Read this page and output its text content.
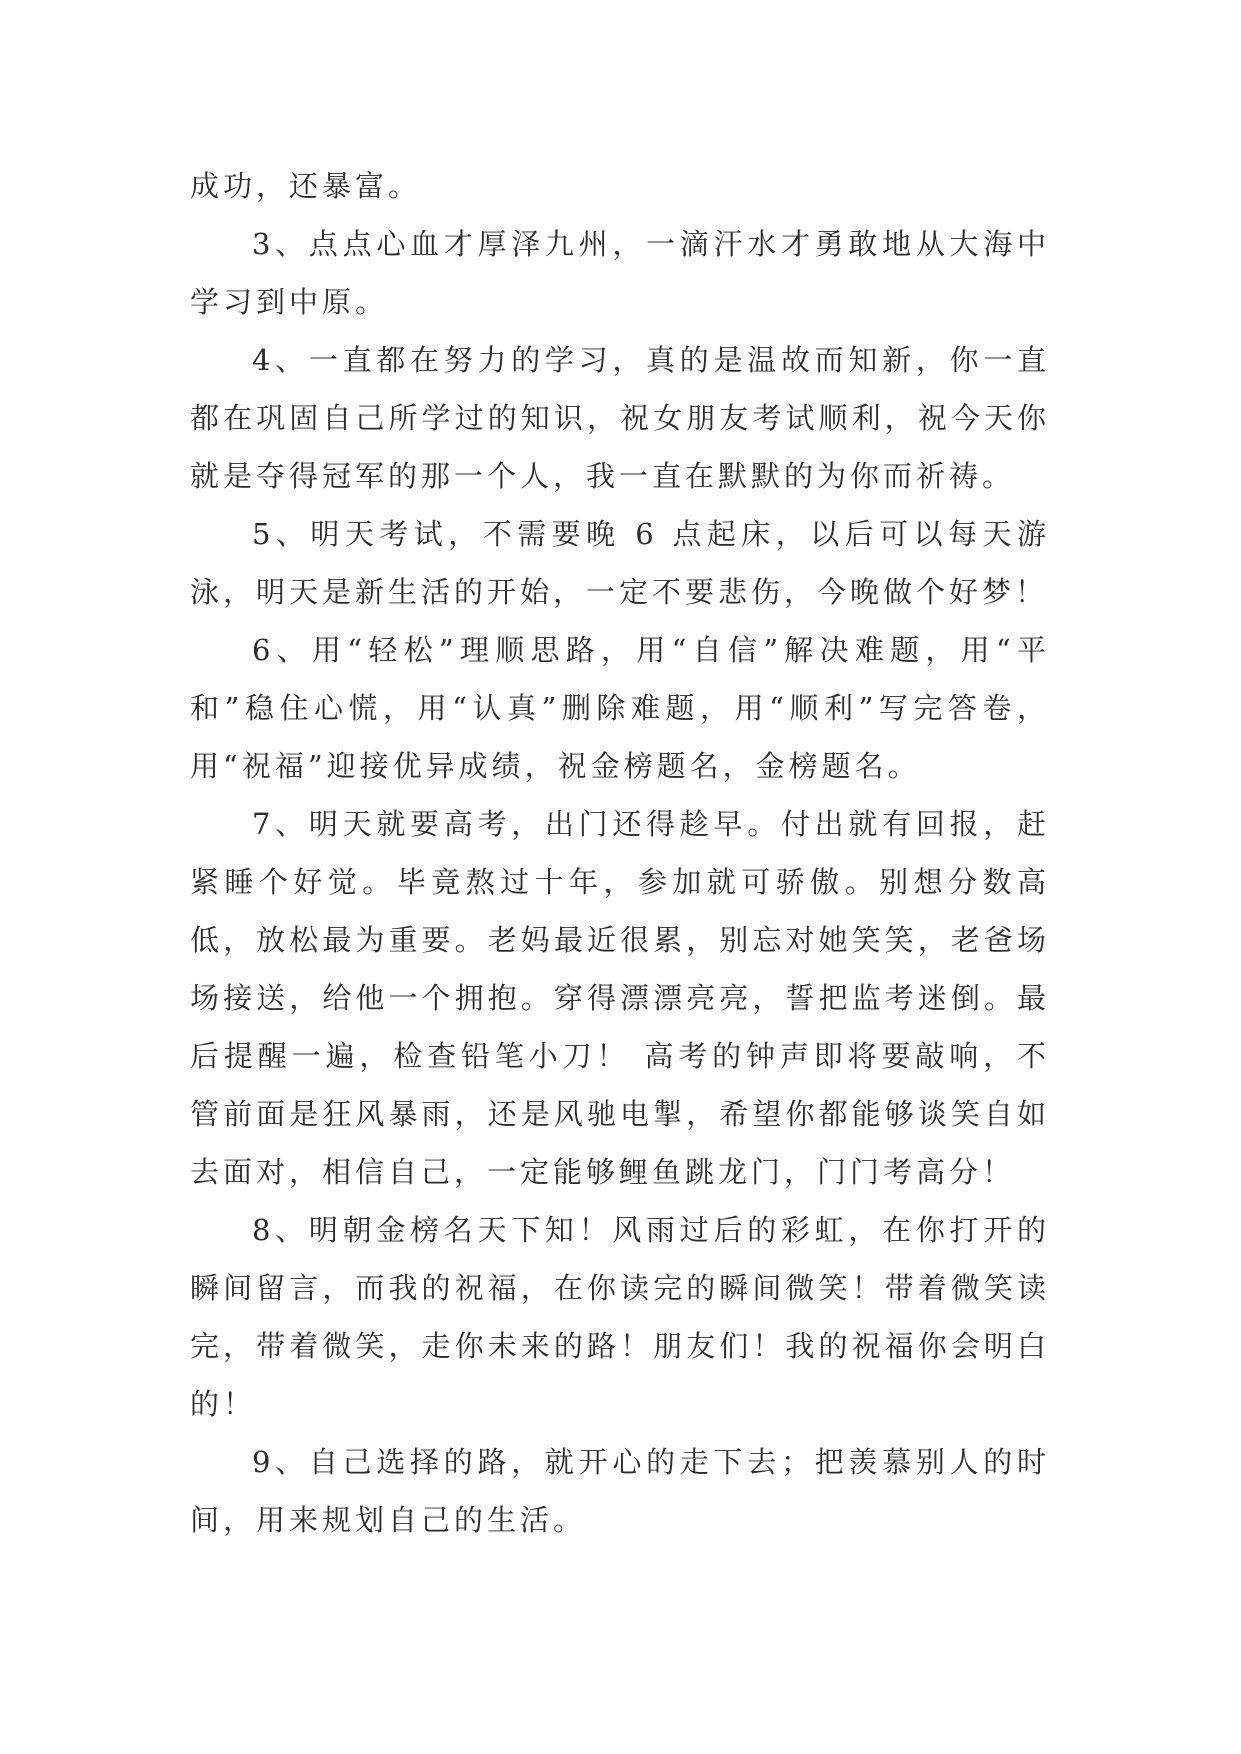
成功，还暴富。

3、点点心血才厚泽九州，一滴汗水才勇敢地从大海中学习到中原。

4、一直都在努力的学习，真的是温故而知新，你一直都在巩固自己所学过的知识，祝女朋友考试顺利，祝今天你就是夺得冠军的那一个人，我一直在默默的为你而祈祷。

5、明天考试，不需要晚 6 点起床，以后可以每天游泳，明天是新生活的开始，一定不要悲伤，今晚做个好梦！

6、用“轻松”理顺思路，用“自信”解决难题，用“平和”稳住心慌，用“认真”删除难题，用“顺利”写完答卷，用“祝福”迎接优异成绩，祝金榜题名，金榜题名。

7、明天就要高考，出门还得趁早。付出就有回报，赶紧睡个好觉。毕竟熬过十年，参加就可骄傲。别想分数高低，放松最为重要。老妈最近很累，别忘对她笑笑，老爸场场接送，给他一个拥抱。穿得漂漂亮亮，誓把监考迷倒。最后提醒一遍，检查铅笔小刀！ 高考的钟声即将要敲响，不管前面是狂风暴雨，还是风驰电掣，希望你都能够谈笑自如去面对，相信自己，一定能够鲤鱼跳龙门，门门考高分！

8、明朝金榜名天下知！风雨过后的彩虹，在你打开的瞬间留言，而我的祝福，在你读完的瞬间微笑！带着微笑读完，带着微笑，走你未来的路！朋友们！我的祝福你会明白的！

9、自己选择的路，就开心的走下去；把羡慕别人的时间，用来规划自己的生活。
